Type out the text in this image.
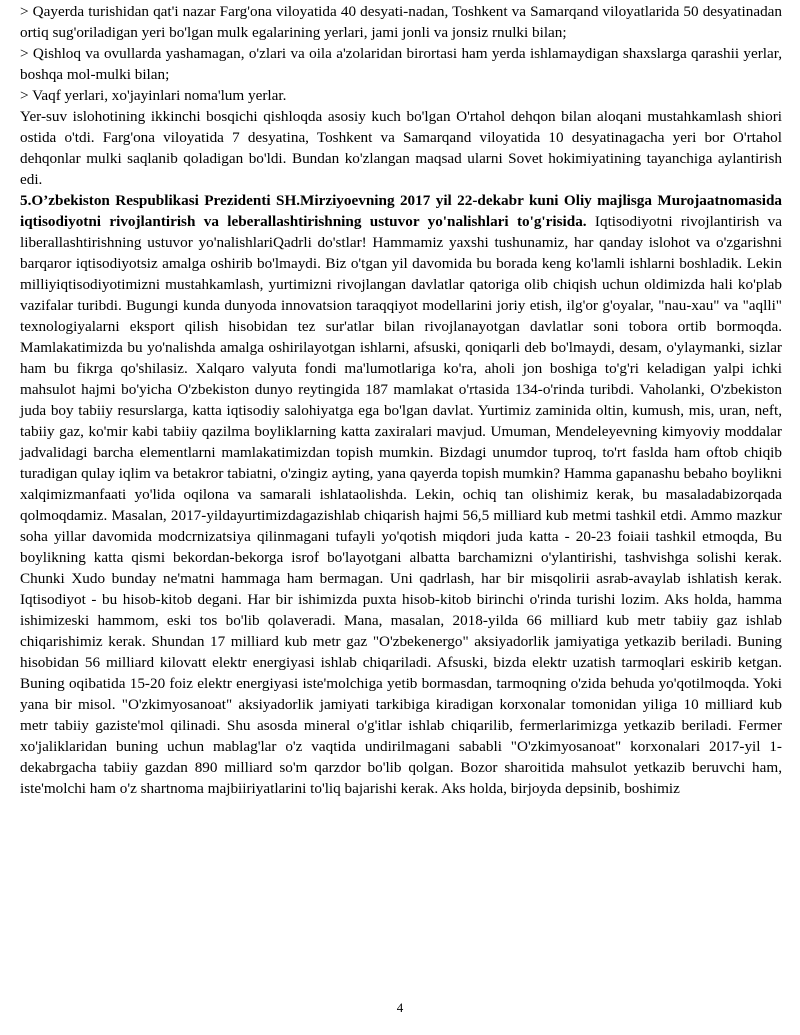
> Qayerda turishidan qat'i nazar Farg'ona viloyatida 40 desyati-nadan, Toshkent va Samarqand viloyatlarida 50 desyatinadan ortiq sug'oriladigan yeri bo'lgan mulk egalarining yerlari, jami jonli va jonsiz rnulki bilan;

> Qishloq va ovullarda yashamagan, o'zlari va oila a'zolaridan birortasi ham yerda ishlamaydigan shaxslarga qarashii yerlar, boshqa mol-mulki bilan;

> Vaqf yerlari, xo'jayinlari noma'lum yerlar.

Yer-suv islohotining ikkinchi bosqichi qishloqda asosiy kuch bo'lgan O'rtahol dehqon bilan aloqani mustahkamlash shiori ostida o'tdi. Farg'ona viloyatida 7 desyatina, Toshkent va Samarqand viloyatida 10 desyatinagacha yeri bor O'rtahol dehqonlar mulki saqlanib qoladigan bo'ldi. Bundan ko'zlangan maqsad ularni Sovet hokimiyatining tayanchiga aylantirish edi.

5.O’zbekiston Respublikasi Prezidenti SH.Mirziyoevning 2017 yil 22-dekabr kuni Oliy majlisga Murojaatnomasida iqtisodiyotni rivojlantirish va leberallashtirishning ustuvor yo'nalishlari to'g'risida. Iqtisodiyotni rivojlantirish va liberallashtirishning ustuvor yo'nalishlariQadrli do'stlar! Hammamiz yaxshi tushunamiz, har qanday islohot va o'zgarishni barqaror iqtisodiyotsiz amalga oshirib bo'lmaydi. Biz o'tgan yil davomida bu borada keng ko'lamli ishlarni boshladik. Lekin milliyiqtisodiyotimizni mustahkamlash, yurtimizni rivojlangan davlatlar qatoriga olib chiqish uchun oldimizda hali ko'plab vazifalar turibdi. Bugungi kunda dunyoda innovatsion taraqqiyot modellarini joriy etish, ilg'or g'oyalar, "nau-xau" va "aqlli" texnologiyalarni eksport qilish hisobidan tez sur'atlar bilan rivojlanayotgan davlatlar soni tobora ortib bormoqda. Mamlakatimizda bu yo'nalishda amalga oshirilayotgan ishlarni, afsuski, qoniqarli deb bo'lmaydi, desam, o'ylaymanki, sizlar ham bu fikrga qo'shilasiz. Xalqaro valyuta fondi ma'lumotlariga ko'ra, aholi jon boshiga to'g'ri keladigan yalpi ichki mahsulot hajmi bo'yicha O'zbekiston dunyo reytingida 187 mamlakat o'rtasida 134-o'rinda turibdi. Vaholanki, O'zbekiston juda boy tabiiy resurslarga, katta iqtisodiy salohiyatga ega bo'lgan davlat. Yurtimiz zaminida oltin, kumush, mis, uran, neft, tabiiy gaz, ko'mir kabi tabiiy qazilma boyliklarning katta zaxiralari mavjud. Umuman, Mendeleyevning kimyoviy moddalar jadvalidagi barcha elementlarni mamlakatimizdan topish mumkin. Bizdagi unumdor tuproq, to'rt faslda ham oftob chiqib turadigan qulay iqlim va betakror tabiatni, o'zingiz ayting, yana qayerda topish mumkin? Hamma gapanashu bebaho boylikni xalqimizmanfaati yo'lida oqilona va samarali ishlataolishda. Lekin, ochiq tan olishimiz kerak, bu masaladabizorqada qolmoqdamiz. Masalan, 2017-yildayurtimizdagazishlab chiqarish hajmi 56,5 milliard kub metmi tashkil etdi. Ammo mazkur soha yillar davomida modcrnizatsiya qilinmagani tufayli yo'qotish miqdori juda katta - 20-23 foiaii tashkil etmoqda, Bu boylikning katta qismi bekordan-bekorga isrof bo'layotgani albatta barchamizni o'ylantirishi, tashvishga solishi kerak. Chunki Xudo bunday ne'matni hammaga ham bermagan. Uni qadrlash, har bir misqolirii asrab-avaylab ishlatish kerak. Iqtisodiyot - bu hisob-kitob degani. Har bir ishimizda puxta hisob-kitob birinchi o'rinda turishi lozim. Aks holda, hamma ishimizeski hammom, eski tos bo'lib qolaveradi. Mana, masalan, 2018-yilda 66 milliard kub metr tabiiy gaz ishlab chiqarishimiz kerak. Shundan 17 milliard kub metr gaz "O'zbekenergo" aksiyadorlik jamiyatiga yetkazib beriladi. Buning hisobidan 56 milliard kilovatt elektr energiyasi ishlab chiqariladi. Afsuski, bizda elektr uzatish tarmoqlari eskirib ketgan. Buning oqibatida 15-20 foiz elektr energiyasi iste'molchiga yetib bormasdan, tarmoqning o'zida behuda yo'qotilmoqda. Yoki yana bir misol. "O'zkimyosanoat" aksiyadorlik jamiyati tarkibiga kiradigan korxonalar tomonidan yiliga 10 milliard kub metr tabiiy gaziste'mol qilinadi. Shu asosda mineral o'g'itlar ishlab chiqarilib, fermerlarimizga yetkazib beriladi. Fermer xo'jaliklaridan buning uchun mablag'lar o'z vaqtida undirilmagani sababli "O'zkimyosanoat" korxonalari 2017-yil 1-dekabrgacha tabiiy gazdan 890 milliard so'm qarzdor bo'lib qolgan. Bozor sharoitida mahsulot yetkazib beruvchi ham, iste'molchi ham o'z shartnoma majbiiriyatlarini to'liq bajarishi kerak. Aks holda, birjoyda depsinib, boshimiz

4
